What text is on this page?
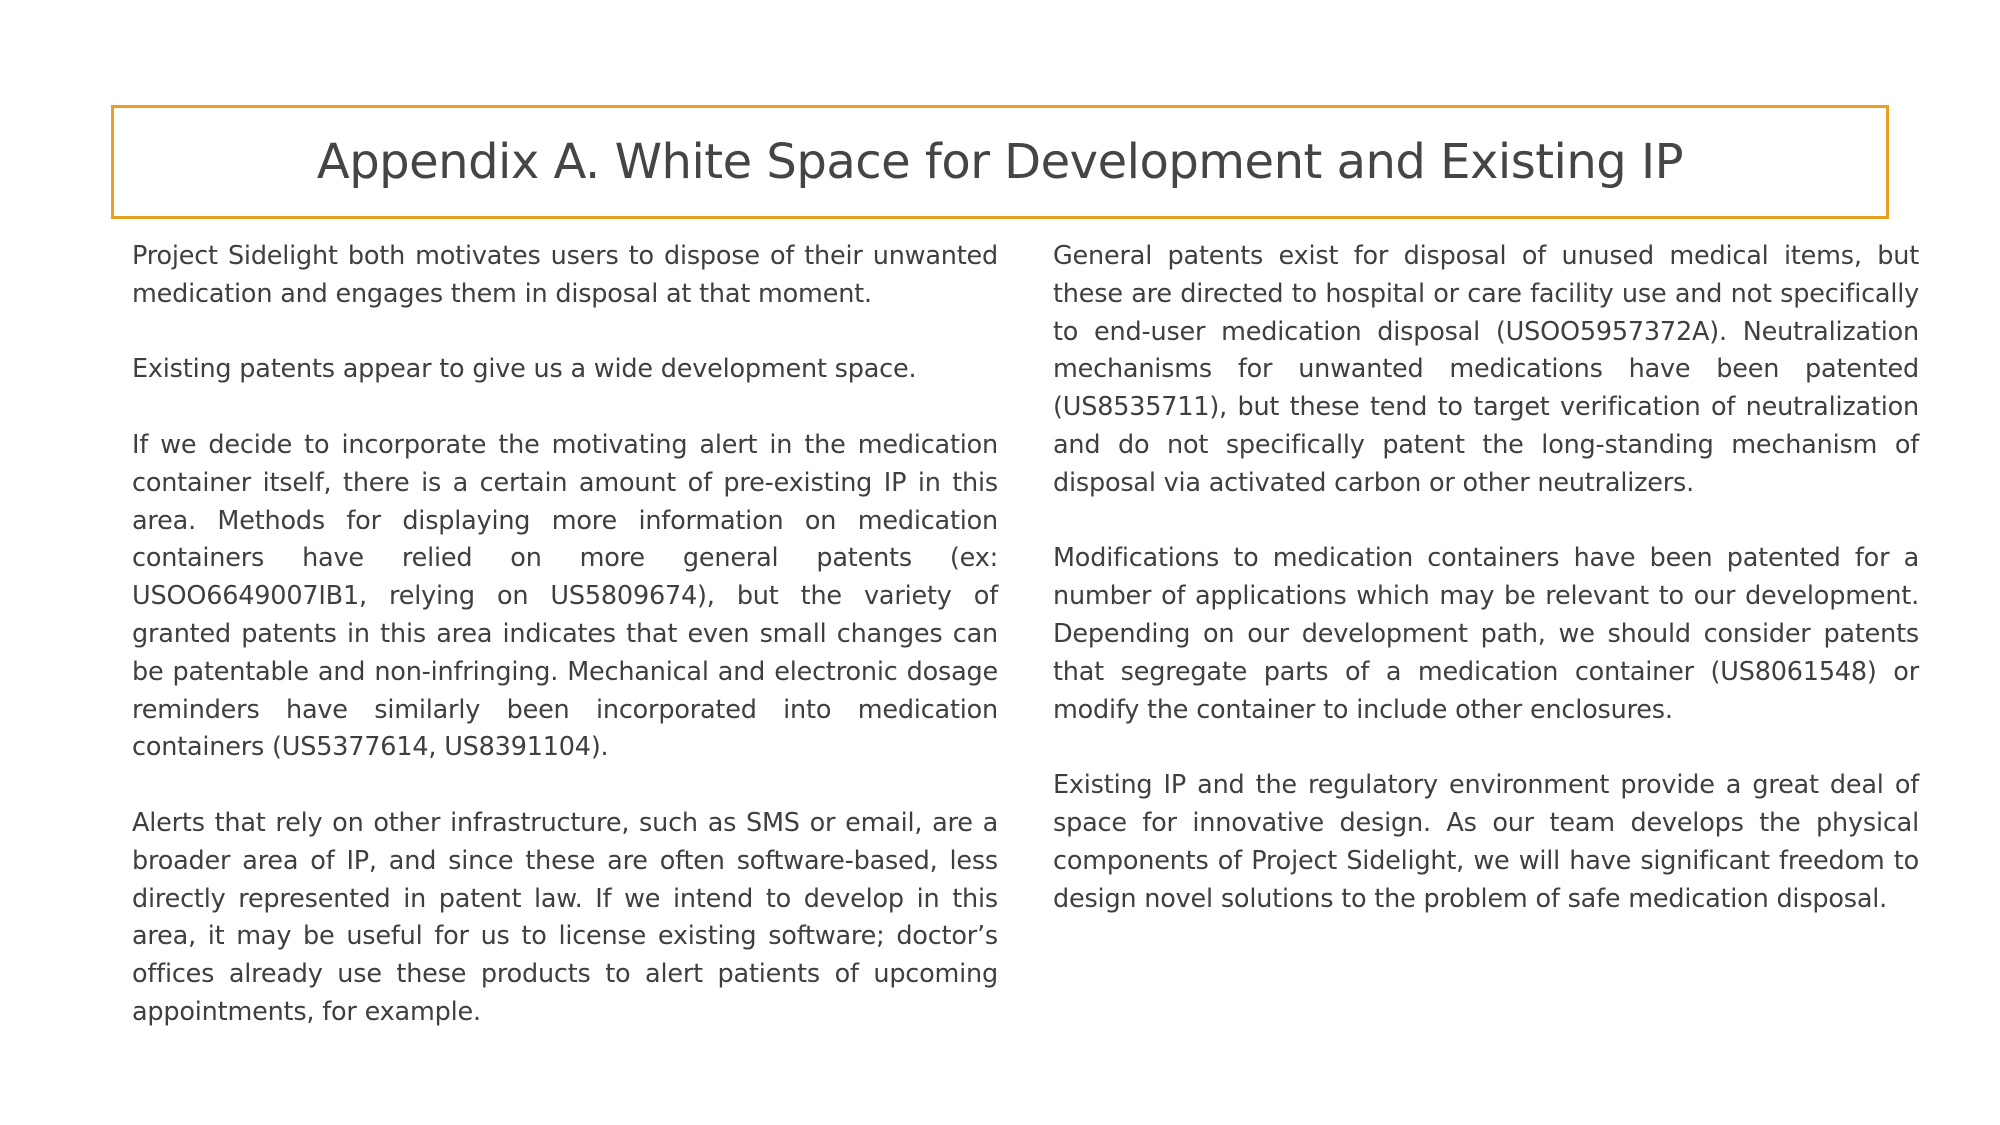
Appendix A. White Space for Development and Existing IP

Project Sidelight both motivates users to dispose of their unwanted medication and engages them in disposal at that moment.

Existing patents appear to give us a wide development space.

If we decide to incorporate the motivating alert in the medication container itself, there is a certain amount of pre-existing IP in this area. Methods for displaying more information on medication containers have relied on more general patents (ex: USOO6649007IB1, relying on US5809674), but the variety of granted patents in this area indicates that even small changes can be patentable and non-infringing. Mechanical and electronic dosage reminders have similarly been incorporated into medication containers (US5377614, US8391104).

Alerts that rely on other infrastructure, such as SMS or email, are a broader area of IP, and since these are often software-based, less directly represented in patent law. If we intend to develop in this area, it may be useful for us to license existing software; doctor’s offices already use these products to alert patients of upcoming appointments, for example.

General patents exist for disposal of unused medical items, but these are directed to hospital or care facility use and not specifically to end-user medication disposal (USOO5957372A). Neutralization mechanisms for unwanted medications have been patented (US8535711), but these tend to target verification of neutralization and do not specifically patent the long-standing mechanism of disposal via activated carbon or other neutralizers.

Modifications to medication containers have been patented for a number of applications which may be relevant to our development. Depending on our development path, we should consider patents that segregate parts of a medication container (US8061548) or modify the container to include other enclosures.

Existing IP and the regulatory environment provide a great deal of space for innovative design. As our team develops the physical components of Project Sidelight, we will have significant freedom to design novel solutions to the problem of safe medication disposal.
